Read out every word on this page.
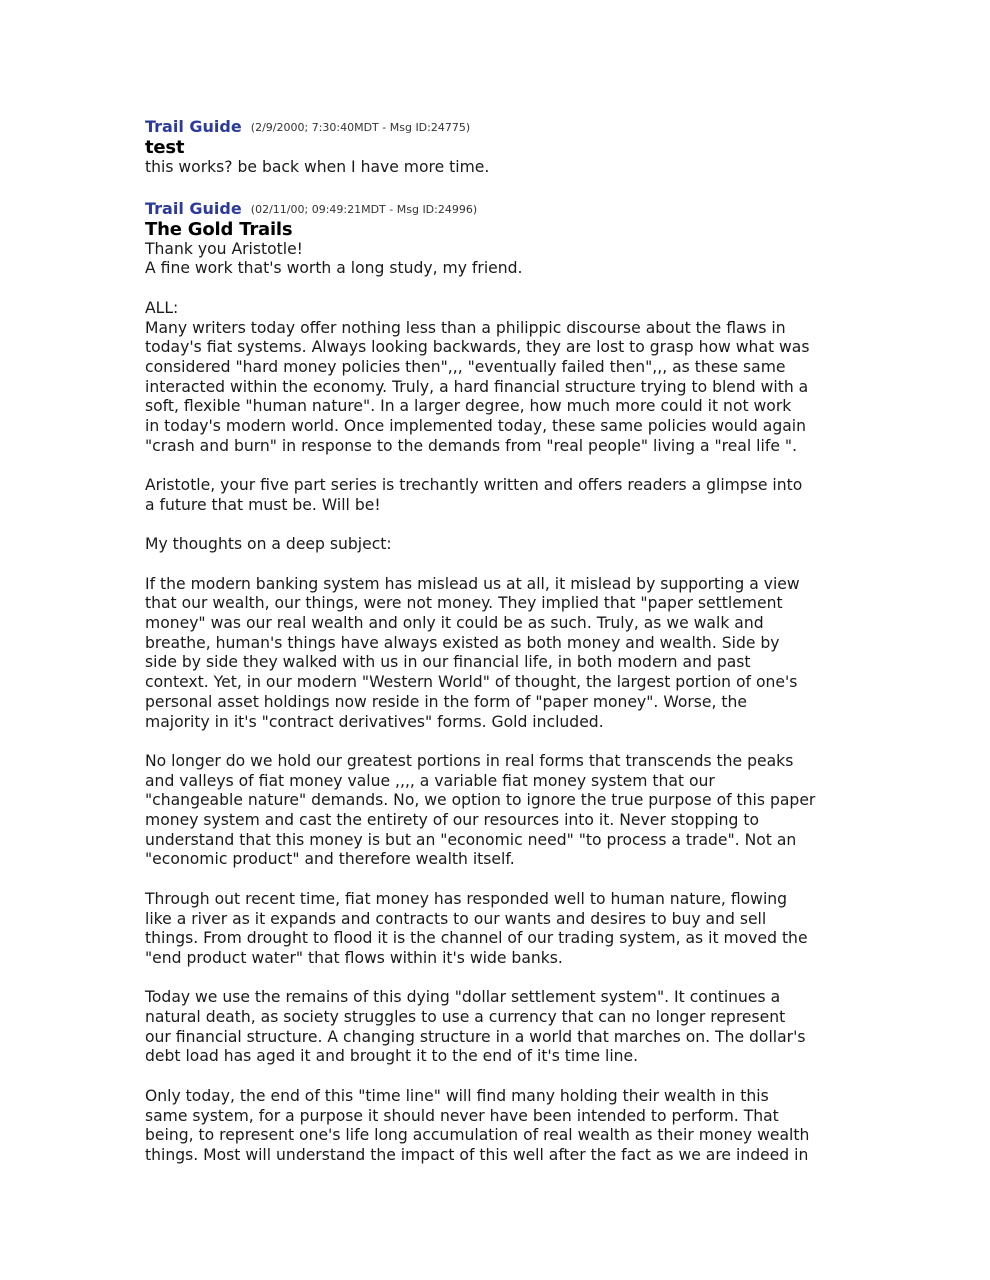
Trail Guide (2/9/2000; 7:30:40MDT - Msg ID:24775)
test
this works? be back when I have more time.
Trail Guide (02/11/00; 09:49:21MDT - Msg ID:24996)
The Gold Trails
Thank you Aristotle!
A fine work that's worth a long study, my friend.
ALL:
Many writers today offer nothing less than a philippic discourse about the flaws in
today's fiat systems. Always looking backwards, they are lost to grasp how what was
considered "hard money policies then",,, "eventually failed then",,, as these same
interacted within the economy. Truly, a hard financial structure trying to blend with a
soft, flexible "human nature". In a larger degree, how much more could it not work
in today's modern world. Once implemented today, these same policies would again
"crash and burn" in response to the demands from "real people" living a "real life ".
Aristotle, your five part series is trechantly written and offers readers a glimpse into
a future that must be. Will be!
My thoughts on a deep subject:
If the modern banking system has mislead us at all, it mislead by supporting a view
that our wealth, our things, were not money. They implied that "paper settlement
money" was our real wealth and only it could be as such. Truly, as we walk and
breathe, human's things have always existed as both money and wealth. Side by
side by side they walked with us in our financial life, in both modern and past
context. Yet, in our modern "Western World" of thought, the largest portion of one's
personal asset holdings now reside in the form of "paper money". Worse, the
majority in it's "contract derivatives" forms. Gold included.
No longer do we hold our greatest portions in real forms that transcends the peaks
and valleys of fiat money value ,,,, a variable fiat money system that our
"changeable nature" demands. No, we option to ignore the true purpose of this paper
money system and cast the entirety of our resources into it. Never stopping to
understand that this money is but an "economic need" "to process a trade". Not an
"economic product" and therefore wealth itself.
Through out recent time, fiat money has responded well to human nature, flowing
like a river as it expands and contracts to our wants and desires to buy and sell
things. From drought to flood it is the channel of our trading system, as it moved the
"end product water" that flows within it's wide banks.
Today we use the remains of this dying "dollar settlement system". It continues a
natural death, as society struggles to use a currency that can no longer represent
our financial structure. A changing structure in a world that marches on. The dollar's
debt load has aged it and brought it to the end of it's time line.
Only today, the end of this "time line" will find many holding their wealth in this
same system, for a purpose it should never have been intended to perform. That
being, to represent one's life long accumulation of real wealth as their money wealth
things. Most will understand the impact of this well after the fact as we are indeed in
